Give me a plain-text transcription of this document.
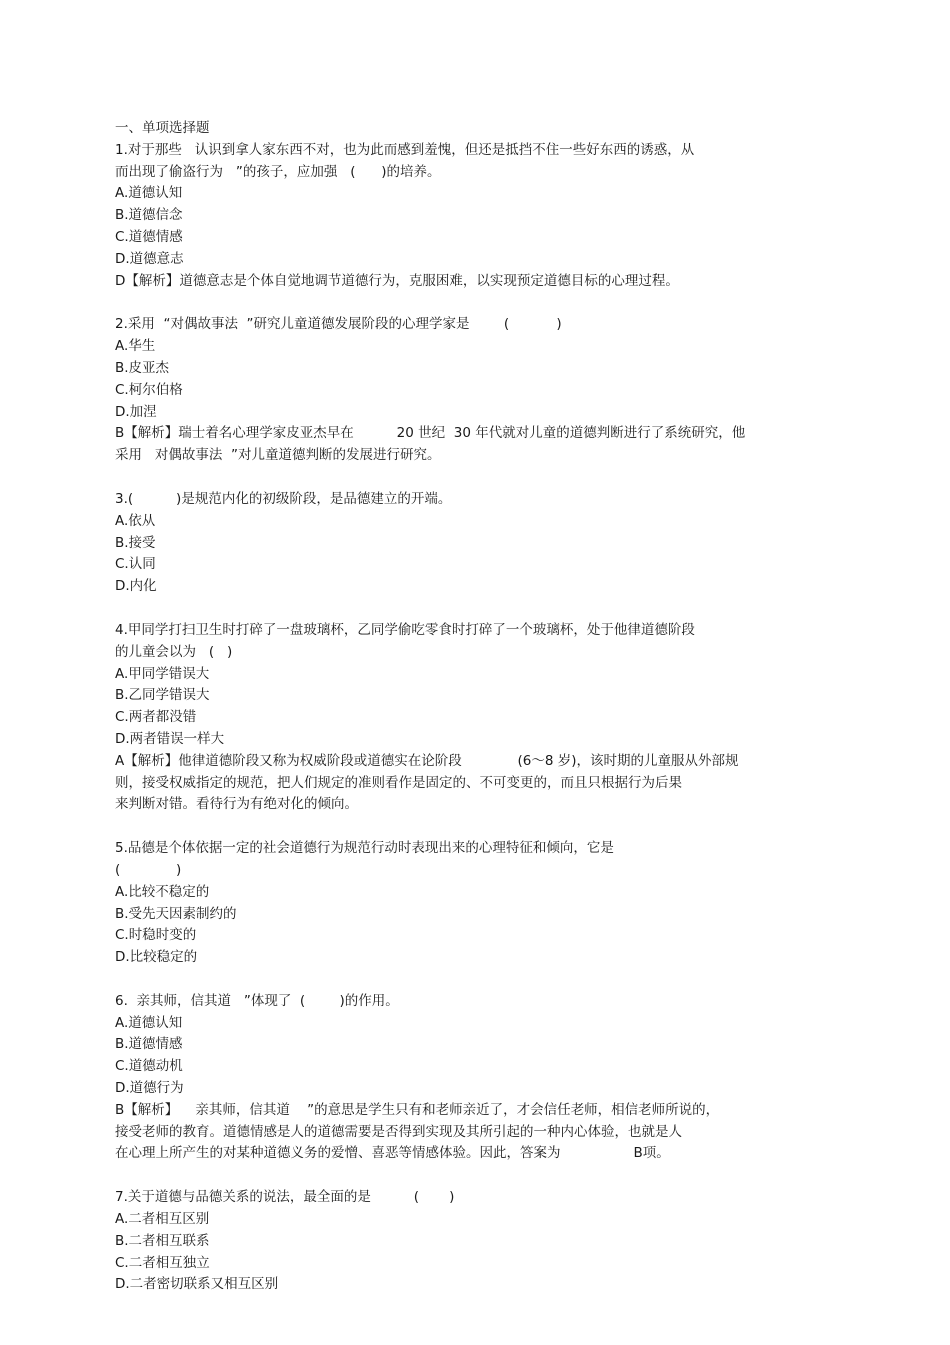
一、单项选择题
1.对于那些   认识到拿人家东西不对，也为此而感到羞愧，但还是抵挡不住一些好东西的诱惑，从
而出现了偷盗行为   ”的孩子，应加强   (      )的培养。
A.道德认知
B.道德信念
C.道德情感
D.道德意志
D【解析】道德意志是个体自觉地调节道德行为，克服困难，以实现预定道德目标的心理过程。
2.采用  “对偶故事法  ”研究儿童道德发展阶段的心理学家是        (           )
A.华生
B.皮亚杰
C.柯尔伯格
D.加涅
B【解析】瑞士着名心理学家皮亚杰早在          20 世纪  30 年代就对儿童的道德判断进行了系统研究，他
采用   对偶故事法  ”对儿童道德判断的发展进行研究。
3.(          )是规范内化的初级阶段，是品德建立的开端。
A.依从
B.接受
C.认同
D.内化
4.甲同学打扫卫生时打碎了一盘玻璃杯，乙同学偷吃零食时打碎了一个玻璃杯，处于他律道德阶段
的儿童会以为   (   )
A.甲同学错误大
B.乙同学错误大
C.两者都没错
D.两者错误一样大
A【解析】他律道德阶段又称为权威阶段或道德实在论阶段             (6～8 岁)，该时期的儿童服从外部规
则，接受权威指定的规范，把人们规定的准则看作是固定的、不可变更的，而且只根据行为后果
来判断对错。看待行为有绝对化的倾向。
5.品德是个体依据一定的社会道德行为规范行动时表现出来的心理特征和倾向，它是
(             )
A.比较不稳定的
B.受先天因素制约的
C.时稳时变的
D.比较稳定的
6.  亲其师，信其道   ”体现了  (        )的作用。
A.道德认知
B.道德情感
C.道德动机
D.道德行为
B【解析】    亲其师，信其道    ”的意思是学生只有和老师亲近了，才会信任老师，相信老师所说的，
接受老师的教育。道德情感是人的道德需要是否得到实现及其所引起的一种内心体验，也就是人
在心理上所产生的对某种道德义务的爱憎、喜恶等情感体验。因此，答案为                 B项。
7.关于道德与品德关系的说法，最全面的是          (       )
A.二者相互区别
B.二者相互联系
C.二者相互独立
D.二者密切联系又相互区别
